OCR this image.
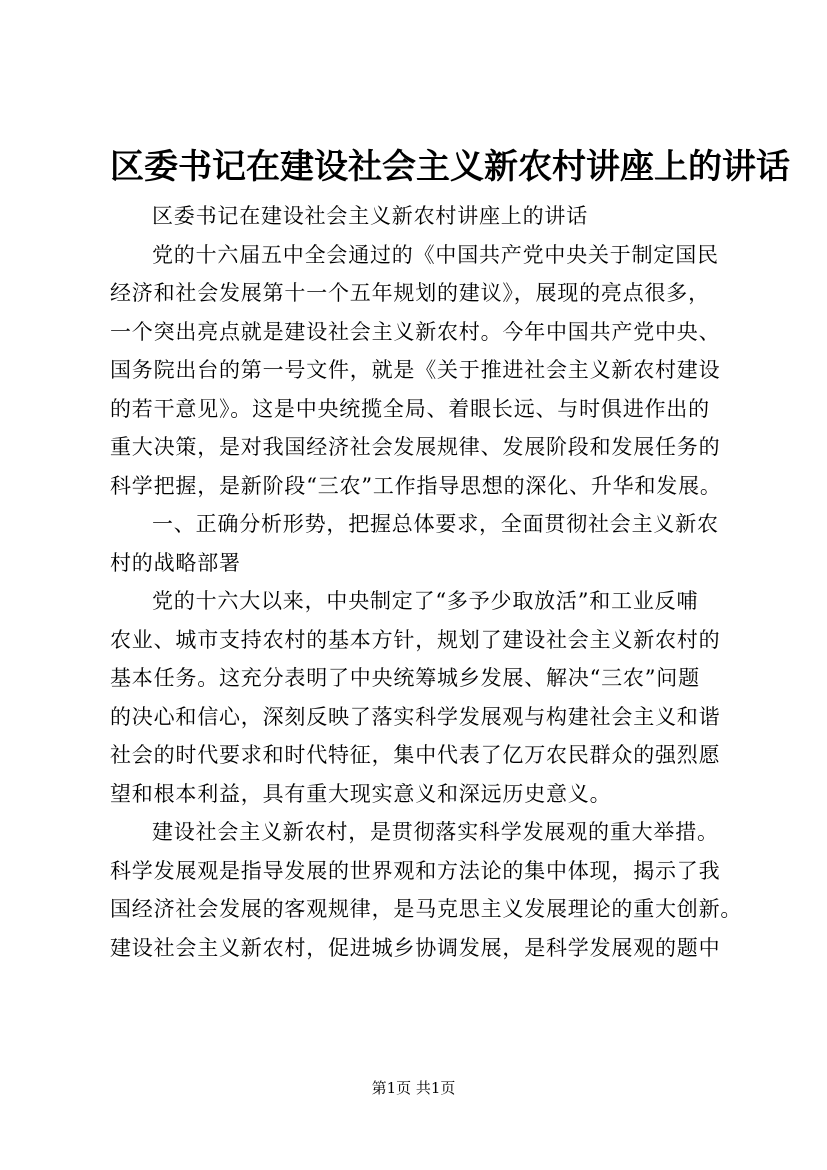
区委书记在建设社会主义新农村讲座上的讲话
区委书记在建设社会主义新农村讲座上的讲话
党的十六届五中全会通过的《中国共产党中央关于制定国民
经济和社会发展第十一个五年规划的建议》，展现的亮点很多，
一个突出亮点就是建设社会主义新农村。今年中国共产党中央、
国务院出台的第一号文件，就是《关于推进社会主义新农村建设
的若干意见》。这是中央统揽全局、着眼长远、与时俱进作出的
重大决策，是对我国经济社会发展规律、发展阶段和发展任务的
科学把握，是新阶段“三农”工作指导思想的深化、升华和发展。
一、正确分析形势，把握总体要求，全面贯彻社会主义新农
村的战略部署
党的十六大以来，中央制定了“多予少取放活”和工业反哺
农业、城市支持农村的基本方针，规划了建设社会主义新农村的
基本任务。这充分表明了中央统筹城乡发展、解决“三农”问题
的决心和信心，深刻反映了落实科学发展观与构建社会主义和谐
社会的时代要求和时代特征，集中代表了亿万农民群众的强烈愿
望和根本利益，具有重大现实意义和深远历史意义。
建设社会主义新农村，是贯彻落实科学发展观的重大举措。
科学发展观是指导发展的世界观和方法论的集中体现，揭示了我
国经济社会发展的客观规律，是马克思主义发展理论的重大创新。
建设社会主义新农村，促进城乡协调发展，是科学发展观的题中
第1页 共1页
